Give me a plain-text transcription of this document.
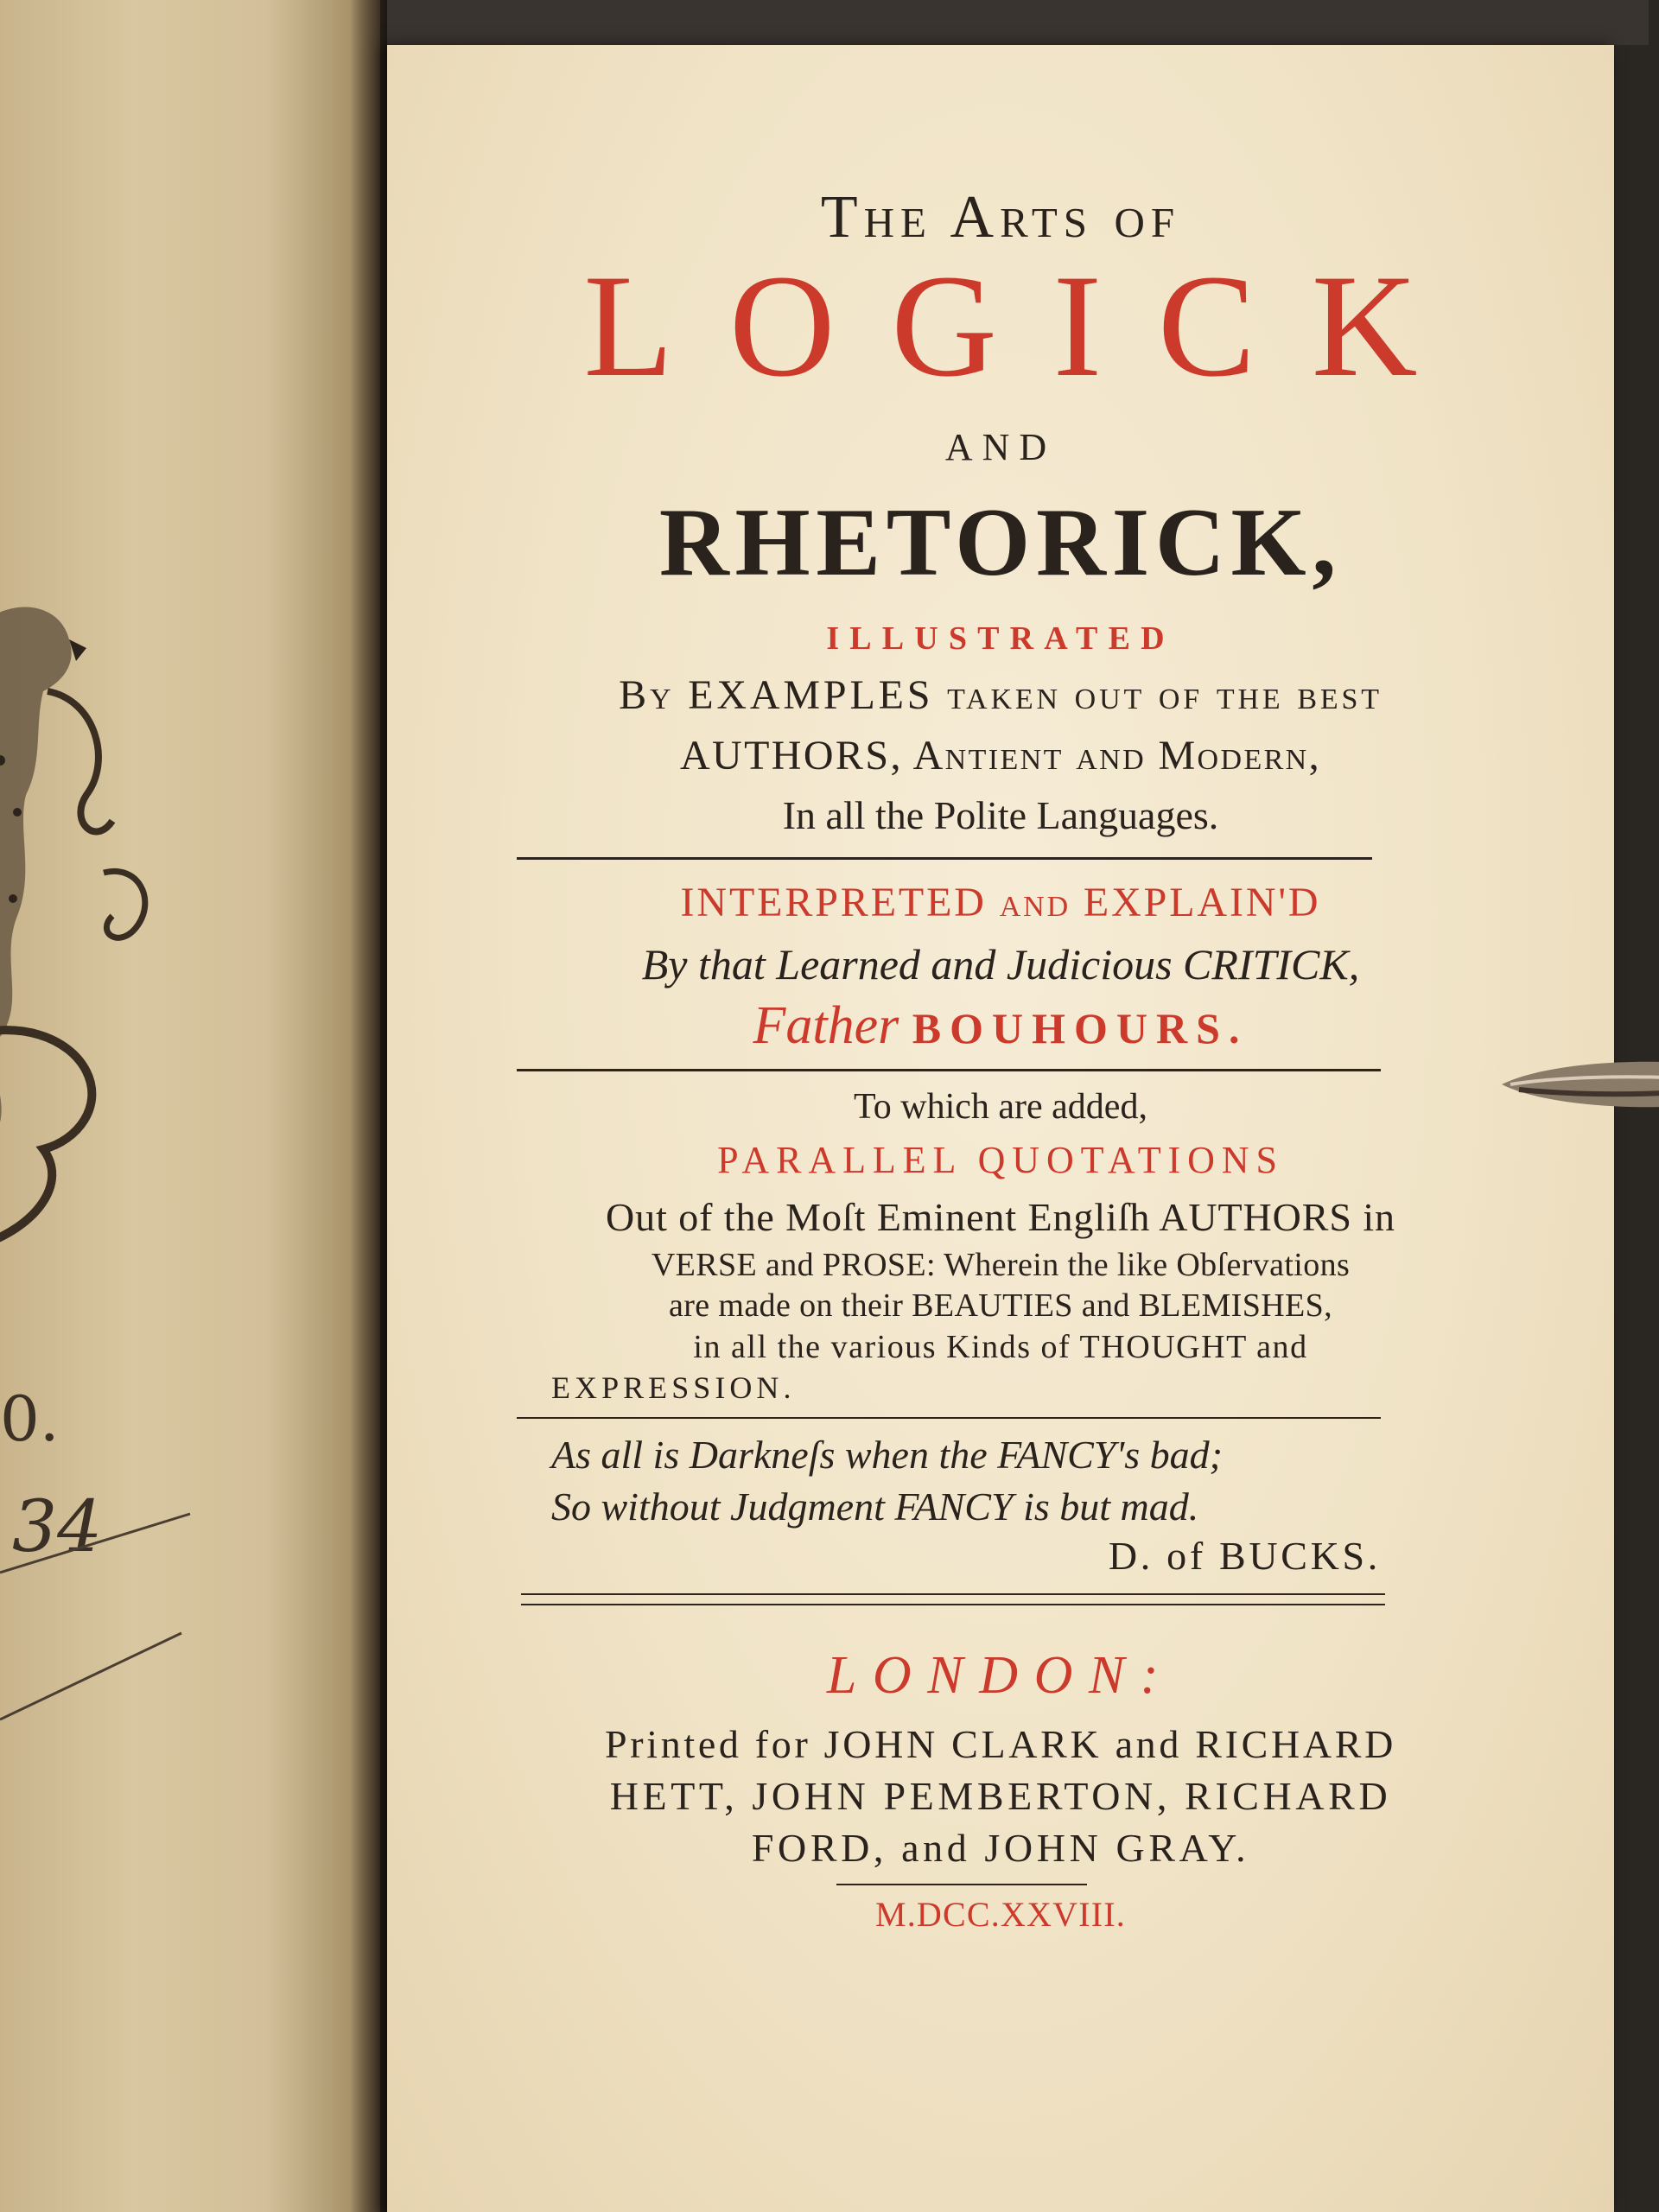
0.
34
The Arts of
LOGICK
AND
RHETORICK,
ILLUSTRATED
By EXAMPLES taken out of the beſt
AUTHORS, Antient and Modern,
In all the Polite Languages.
INTERPRETED and EXPLAIN'D
By that Learned and Judicious CRITICK,
Father BOUHOURS.
To which are added,
PARALLEL QUOTATIONS
Out of the Moſt Eminent Engliſh AUTHORS in
VERSE and PROSE: Wherein the like Obſervations
are made on their BEAUTIES and BLEMISHES,
in all the various Kinds of THOUGHT and
EXPRESSION.
As all is Darkneſs when the FANCY's bad;
So without Judgment FANCY is but mad.
D. of BUCKS.
LONDON:
Printed for JOHN CLARK and RICHARD
HETT, JOHN PEMBERTON, RICHARD
FORD, and JOHN GRAY.
M.DCC.XXVIII.
